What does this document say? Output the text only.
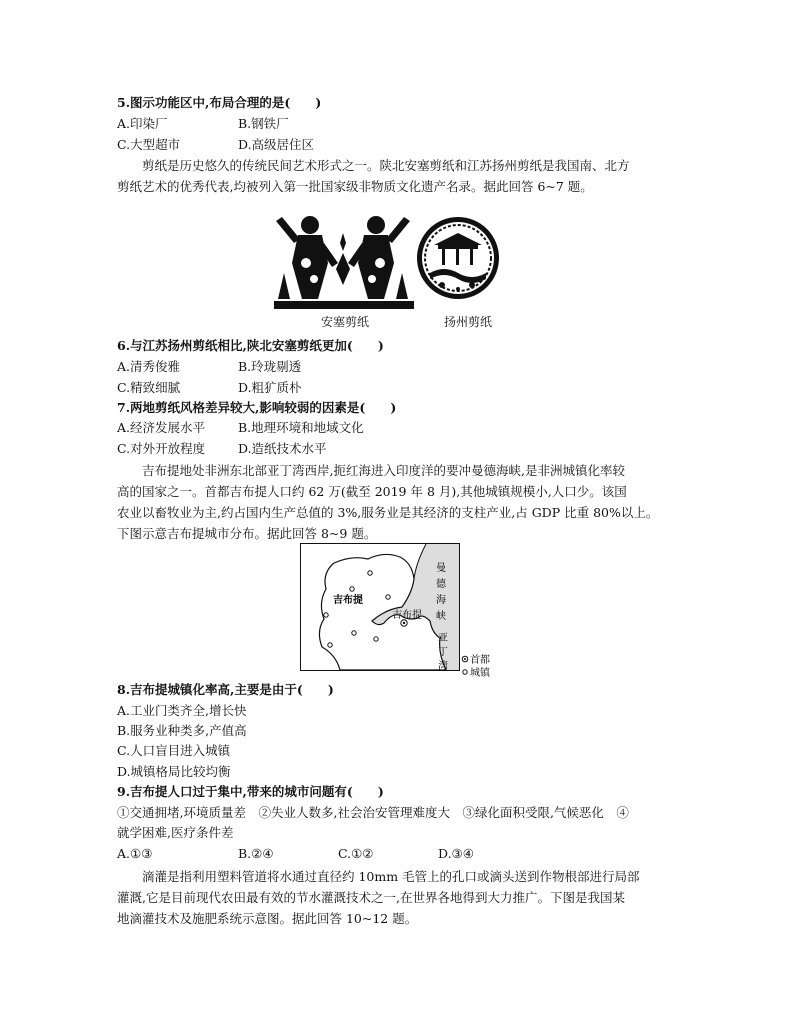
5.图示功能区中,布局合理的是(　　)
A.印染厂	B.钢铁厂
C.大型超市	D.高级居住区
剪纸是历史悠久的传统民间艺术形式之一。陕北安塞剪纸和江苏扬州剪纸是我国南、北方
剪纸艺术的优秀代表,均被列入第一批国家级非物质文化遗产名录。据此回答 6~7 题。
安塞剪纸	扬州剪纸
6.与江苏扬州剪纸相比,陕北安塞剪纸更加(　　)
A.清秀俊雅	B.玲珑剔透
C.精致细腻	D.粗犷质朴
7.两地剪纸风格差异较大,影响较弱的因素是(　　)
A.经济发展水平	B.地理环境和地域文化
C.对外开放程度	D.造纸技术水平
吉布提地处非洲东北部亚丁湾西岸,扼红海进入印度洋的要冲曼德海峡,是非洲城镇化率较
高的国家之一。首都吉布提人口约 62 万(截至 2019 年 8 月),其他城镇规模小,人口少。该国
农业以畜牧业为主,约占国内生产总值的 3%,服务业是其经济的支柱产业,占 GDP 比重 80%以上。
下图示意吉布提城市分布。据此回答 8~9 题。
吉布提
吉布提
曼
德
海
峡
亚
丁
湾
首都
城镇
8.吉布提城镇化率高,主要是由于(　　)
A.工业门类齐全,增长快
B.服务业种类多,产值高
C.人口盲目进入城镇
D.城镇格局比较均衡
9.吉布提人口过于集中,带来的城市问题有(　　)
①交通拥堵,环境质量差　②失业人数多,社会治安管理难度大　③绿化面积受限,气候恶化　④
就学困难,医疗条件差
A.①③	B.②④	C.①②	D.③④
滴灌是指利用塑料管道将水通过直径约 10mm 毛管上的孔口或滴头送到作物根部进行局部
灌溉,它是目前现代农田最有效的节水灌溉技术之一,在世界各地得到大力推广。下图是我国某
地滴灌技术及施肥系统示意图。据此回答 10~12 题。
